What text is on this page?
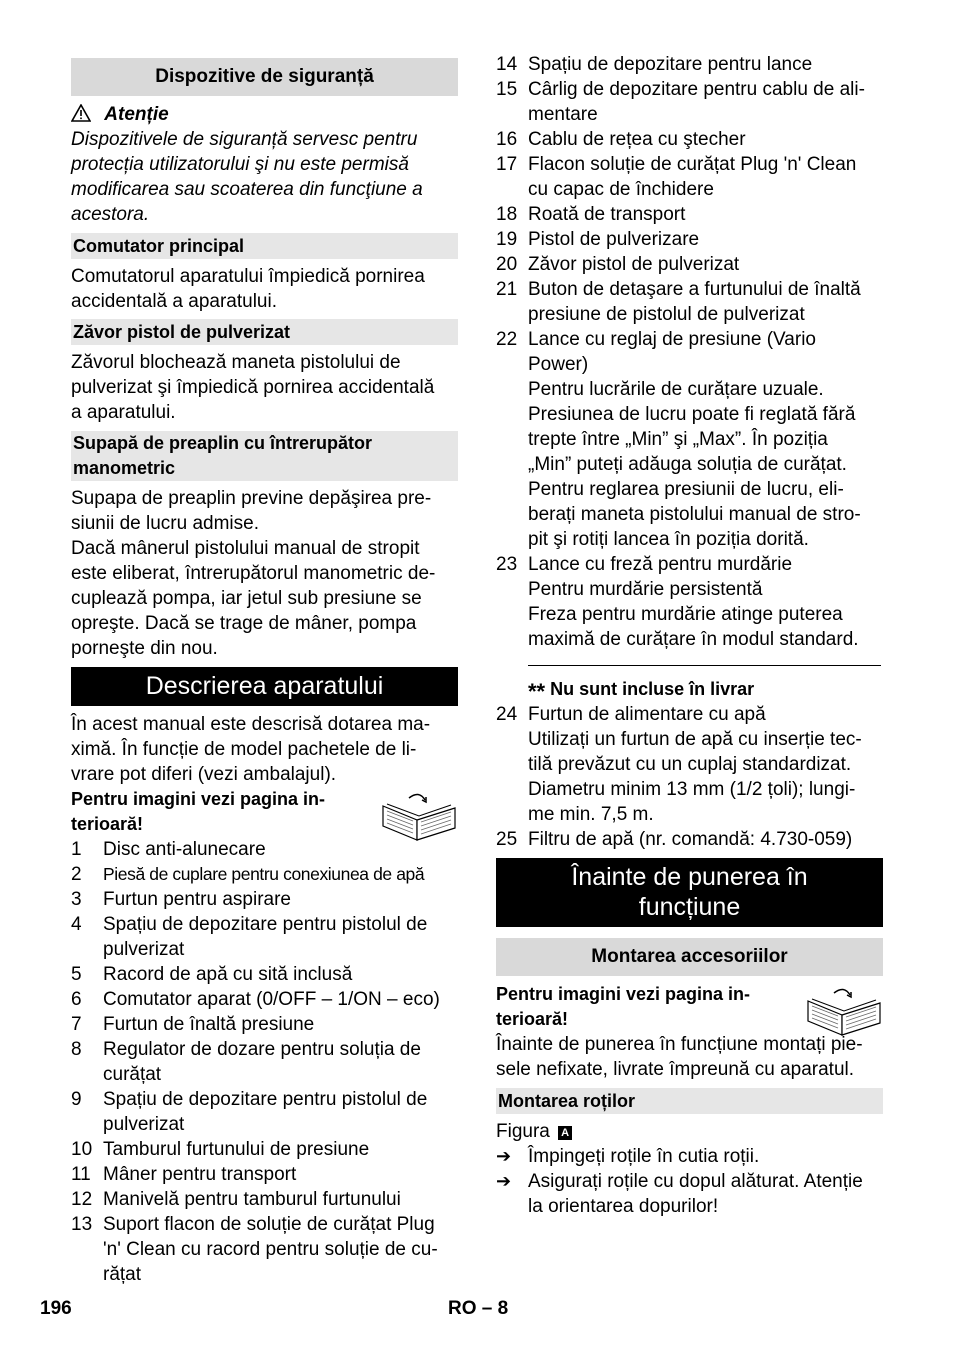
Dispozitive de siguranță
Atenție
Dispozitivele de siguranță servesc pentru
protecția utilizatorului şi nu este permisă
modificarea sau scoaterea din funcţiune a
acestora.
Comutator principal
Comutatorul aparatului împiedică pornirea
accidentală a aparatului.
Zăvor pistol de pulverizat
Zăvorul blochează maneta pistolului de
pulverizat şi împiedică pornirea accidentală
a aparatului.
Supapă de preaplin cu întrerupător
manometric
Supapa de preaplin previne depăşirea pre-
siunii de lucru admise.
Dacă mânerul pistolului manual de stropit
este eliberat, întrerupătorul manometric de-
cuplează pompa, iar jetul sub presiune se
opreşte. Dacă se trage de mâner, pompa
porneşte din nou.
Descrierea aparatului
În acest manual este descrisă dotarea ma-
ximă. În funcție de model pachetele de li-
vrare pot diferi (vezi ambalajul).
Pentru imagini vezi pagina in-
terioară!
1 Disc anti-alunecare
2 Piesă de cuplare pentru conexiunea de apă
3 Furtun pentru aspirare
4 Spațiu de depozitare pentru pistolul de
pulverizat
5 Racord de apă cu sită inclusă
6 Comutator aparat (0/OFF – 1/ON – eco)
7 Furtun de înaltă presiune
8 Regulator de dozare pentru soluția de
curățat
9 Spațiu de depozitare pentru pistolul de
pulverizat
10 Tamburul furtunului de presiune
11 Mâner pentru transport
12 Manivelă pentru tamburul furtunului
13 Suport flacon de soluție de curățat Plug
'n' Clean cu racord pentru soluție de cu-
rățat
14 Spațiu de depozitare pentru lance
15 Cârlig de depozitare pentru cablu de ali-
mentare
16 Cablu de rețea cu ştecher
17 Flacon soluție de curățat Plug 'n' Clean
cu capac de închidere
18 Roată de transport
19 Pistol de pulverizare
20 Zăvor pistol de pulverizat
21 Buton de detaşare a furtunului de înaltă
presiune de pistolul de pulverizat
22 Lance cu reglaj de presiune (Vario
Power)
Pentru lucrările de curățare uzuale.
Presiunea de lucru poate fi reglată fără
trepte între „Min” şi „Max”. În poziția
„Min” puteți adăuga soluția de curățat.
Pentru reglarea presiunii de lucru, eli-
berați maneta pistolului manual de stro-
pit şi rotiți lancea în poziția dorită.
23 Lance cu freză pentru murdărie
Pentru murdărie persistentă
Freza pentru murdărie atinge puterea
maximă de curățare în modul standard.
** Nu sunt incluse în livrar
24 Furtun de alimentare cu apă
Utilizați un furtun de apă cu inserție tec-
tilă prevăzut cu un cuplaj standardizat.
Diametru minim 13 mm (1/2 țoli); lungi-
me min. 7,5 m.
25 Filtru de apă (nr. comandă: 4.730-059)
Înainte de punerea în
funcțiune
Montarea accesoriilor
Pentru imagini vezi pagina in-
terioară!
Înainte de punerea în funcțiune montați pie-
sele nefixate, livrate împreună cu aparatul.
Montarea roților
Figura A
➔ Împingeți roțile în cutia roții.
➔ Asigurați roțile cu dopul alăturat. Atenție
la orientarea dopurilor!
196	RO – 8
